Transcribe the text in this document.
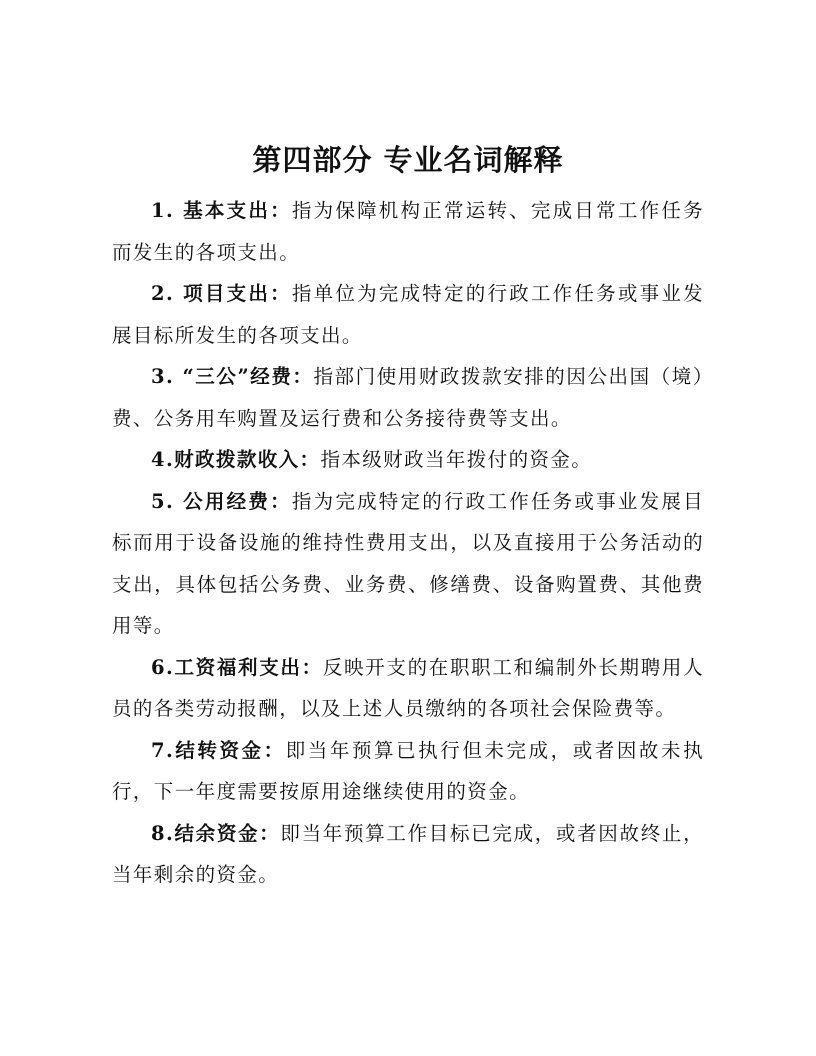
第四部分 专业名词解释

1. 基本支出：指为保障机构正常运转、完成日常工作任务而发生的各项支出。

2. 项目支出：指单位为完成特定的行政工作任务或事业发展目标所发生的各项支出。

3. “三公”经费：指部门使用财政拨款安排的因公出国（境）费、公务用车购置及运行费和公务接待费等支出。

4.财政拨款收入：指本级财政当年拨付的资金。

5. 公用经费：指为完成特定的行政工作任务或事业发展目标而用于设备设施的维持性费用支出，以及直接用于公务活动的支出，具体包括公务费、业务费、修缮费、设备购置费、其他费用等。

6.工资福利支出：反映开支的在职职工和编制外长期聘用人员的各类劳动报酬，以及上述人员缴纳的各项社会保险费等。

7.结转资金：即当年预算已执行但未完成，或者因故未执行，下一年度需要按原用途继续使用的资金。

8.结余资金：即当年预算工作目标已完成，或者因故终止，当年剩余的资金。
